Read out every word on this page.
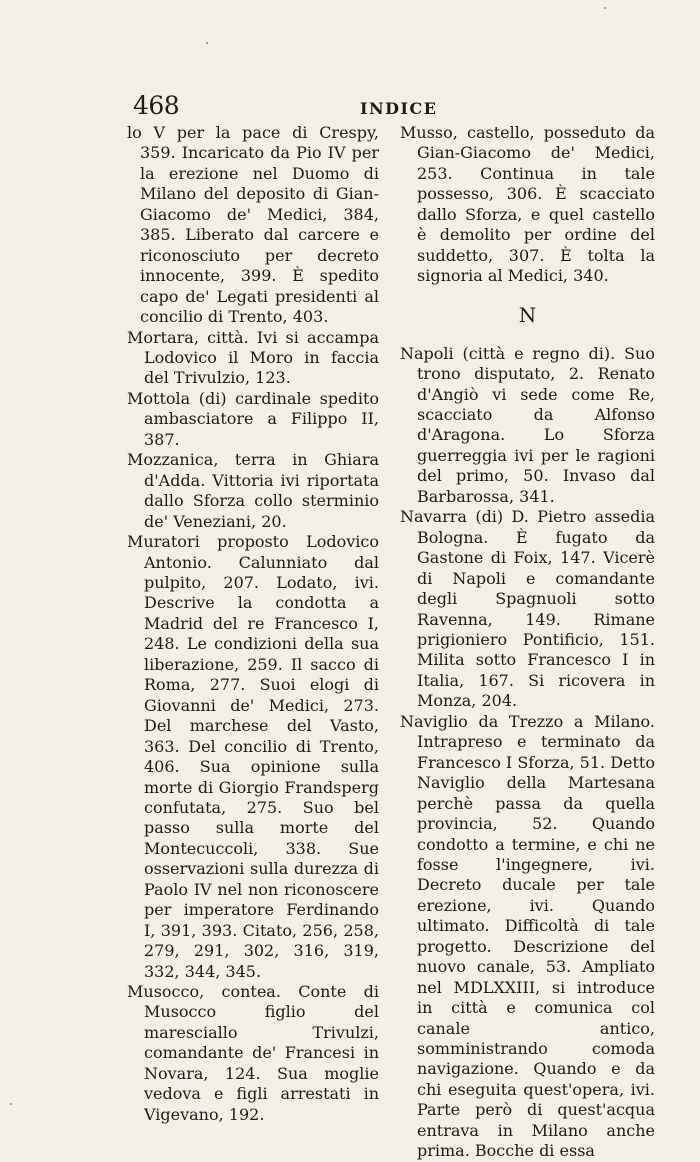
468	INDICE

lo V per la pace di Crespy, 359. Incaricato da Pio IV per la erezione nel Duomo di Milano del deposito di Gian-Giacomo de' Medici, 384, 385. Liberato dal carcere e riconosciuto per decreto innocente, 399. È spedito capo de' Legati presidenti al concilio di Trento, 403.

Mortara, città. Ivi si accampa Lodovico il Moro in faccia del Trivulzio, 123.

Mottola (di) cardinale spedito ambasciatore a Filippo II, 387.

Mozzanica, terra in Ghiara d'Adda. Vittoria ivi riportata dallo Sforza collo sterminio de' Veneziani, 20.

Muratori proposto Lodovico Antonio. Calunniato dal pulpito, 207. Lodato, ivi. Descrive la condotta a Madrid del re Francesco I, 248. Le condizioni della sua liberazione, 259. Il sacco di Roma, 277. Suoi elogi di Giovanni de' Medici, 273. Del marchese del Vasto, 363. Del concilio di Trento, 406. Sua opinione sulla morte di Giorgio Frandsperg confutata, 275. Suo bel passo sulla morte del Montecuccoli, 338. Sue osservazioni sulla durezza di Paolo IV nel non riconoscere per imperatore Ferdinando I, 391, 393. Citato, 256, 258, 279, 291, 302, 316, 319, 332, 344, 345.

Musocco, contea. Conte di Musocco figlio del maresciallo Trivulzi, comandante de' Francesi in Novara, 124. Sua moglie vedova e figli arrestati in Vigevano, 192.

Musso, castello, posseduto da Gian-Giacomo de' Medici, 253. Continua in tale possesso, 306. È scacciato dallo Sforza, e quel castello è demolito per ordine del suddetto, 307. È tolta la signoria al Medici, 340.

N

Napoli (città e regno di). Suo trono disputato, 2. Renato d'Angiò vi sede come Re, scacciato da Alfonso d'Aragona. Lo Sforza guerreggia ivi per le ragioni del primo, 50. Invaso dal Barbarossa, 341.

Navarra (di) D. Pietro assedia Bologna. È fugato da Gastone di Foix, 147. Vicerè di Napoli e comandante degli Spagnuoli sotto Ravenna, 149. Rimane prigioniero Pontificio, 151. Milita sotto Francesco I in Italia, 167. Si ricovera in Monza, 204.

Naviglio da Trezzo a Milano. Intrapreso e terminato da Francesco I Sforza, 51. Detto Naviglio della Martesana perchè passa da quella provincia, 52. Quando condotto a termine, e chi ne fosse l'ingegnere, ivi. Decreto ducale per tale erezione, ivi. Quando ultimato. Difficoltà di tale progetto. Descrizione del nuovo canale, 53. Ampliato nel MDLXXIII, si introduce in città e comunica col canale antico, somministrando comoda navigazione. Quando e da chi eseguita quest'opera, ivi. Parte però di quest'acqua entrava in Milano anche prima. Bocche di essa
